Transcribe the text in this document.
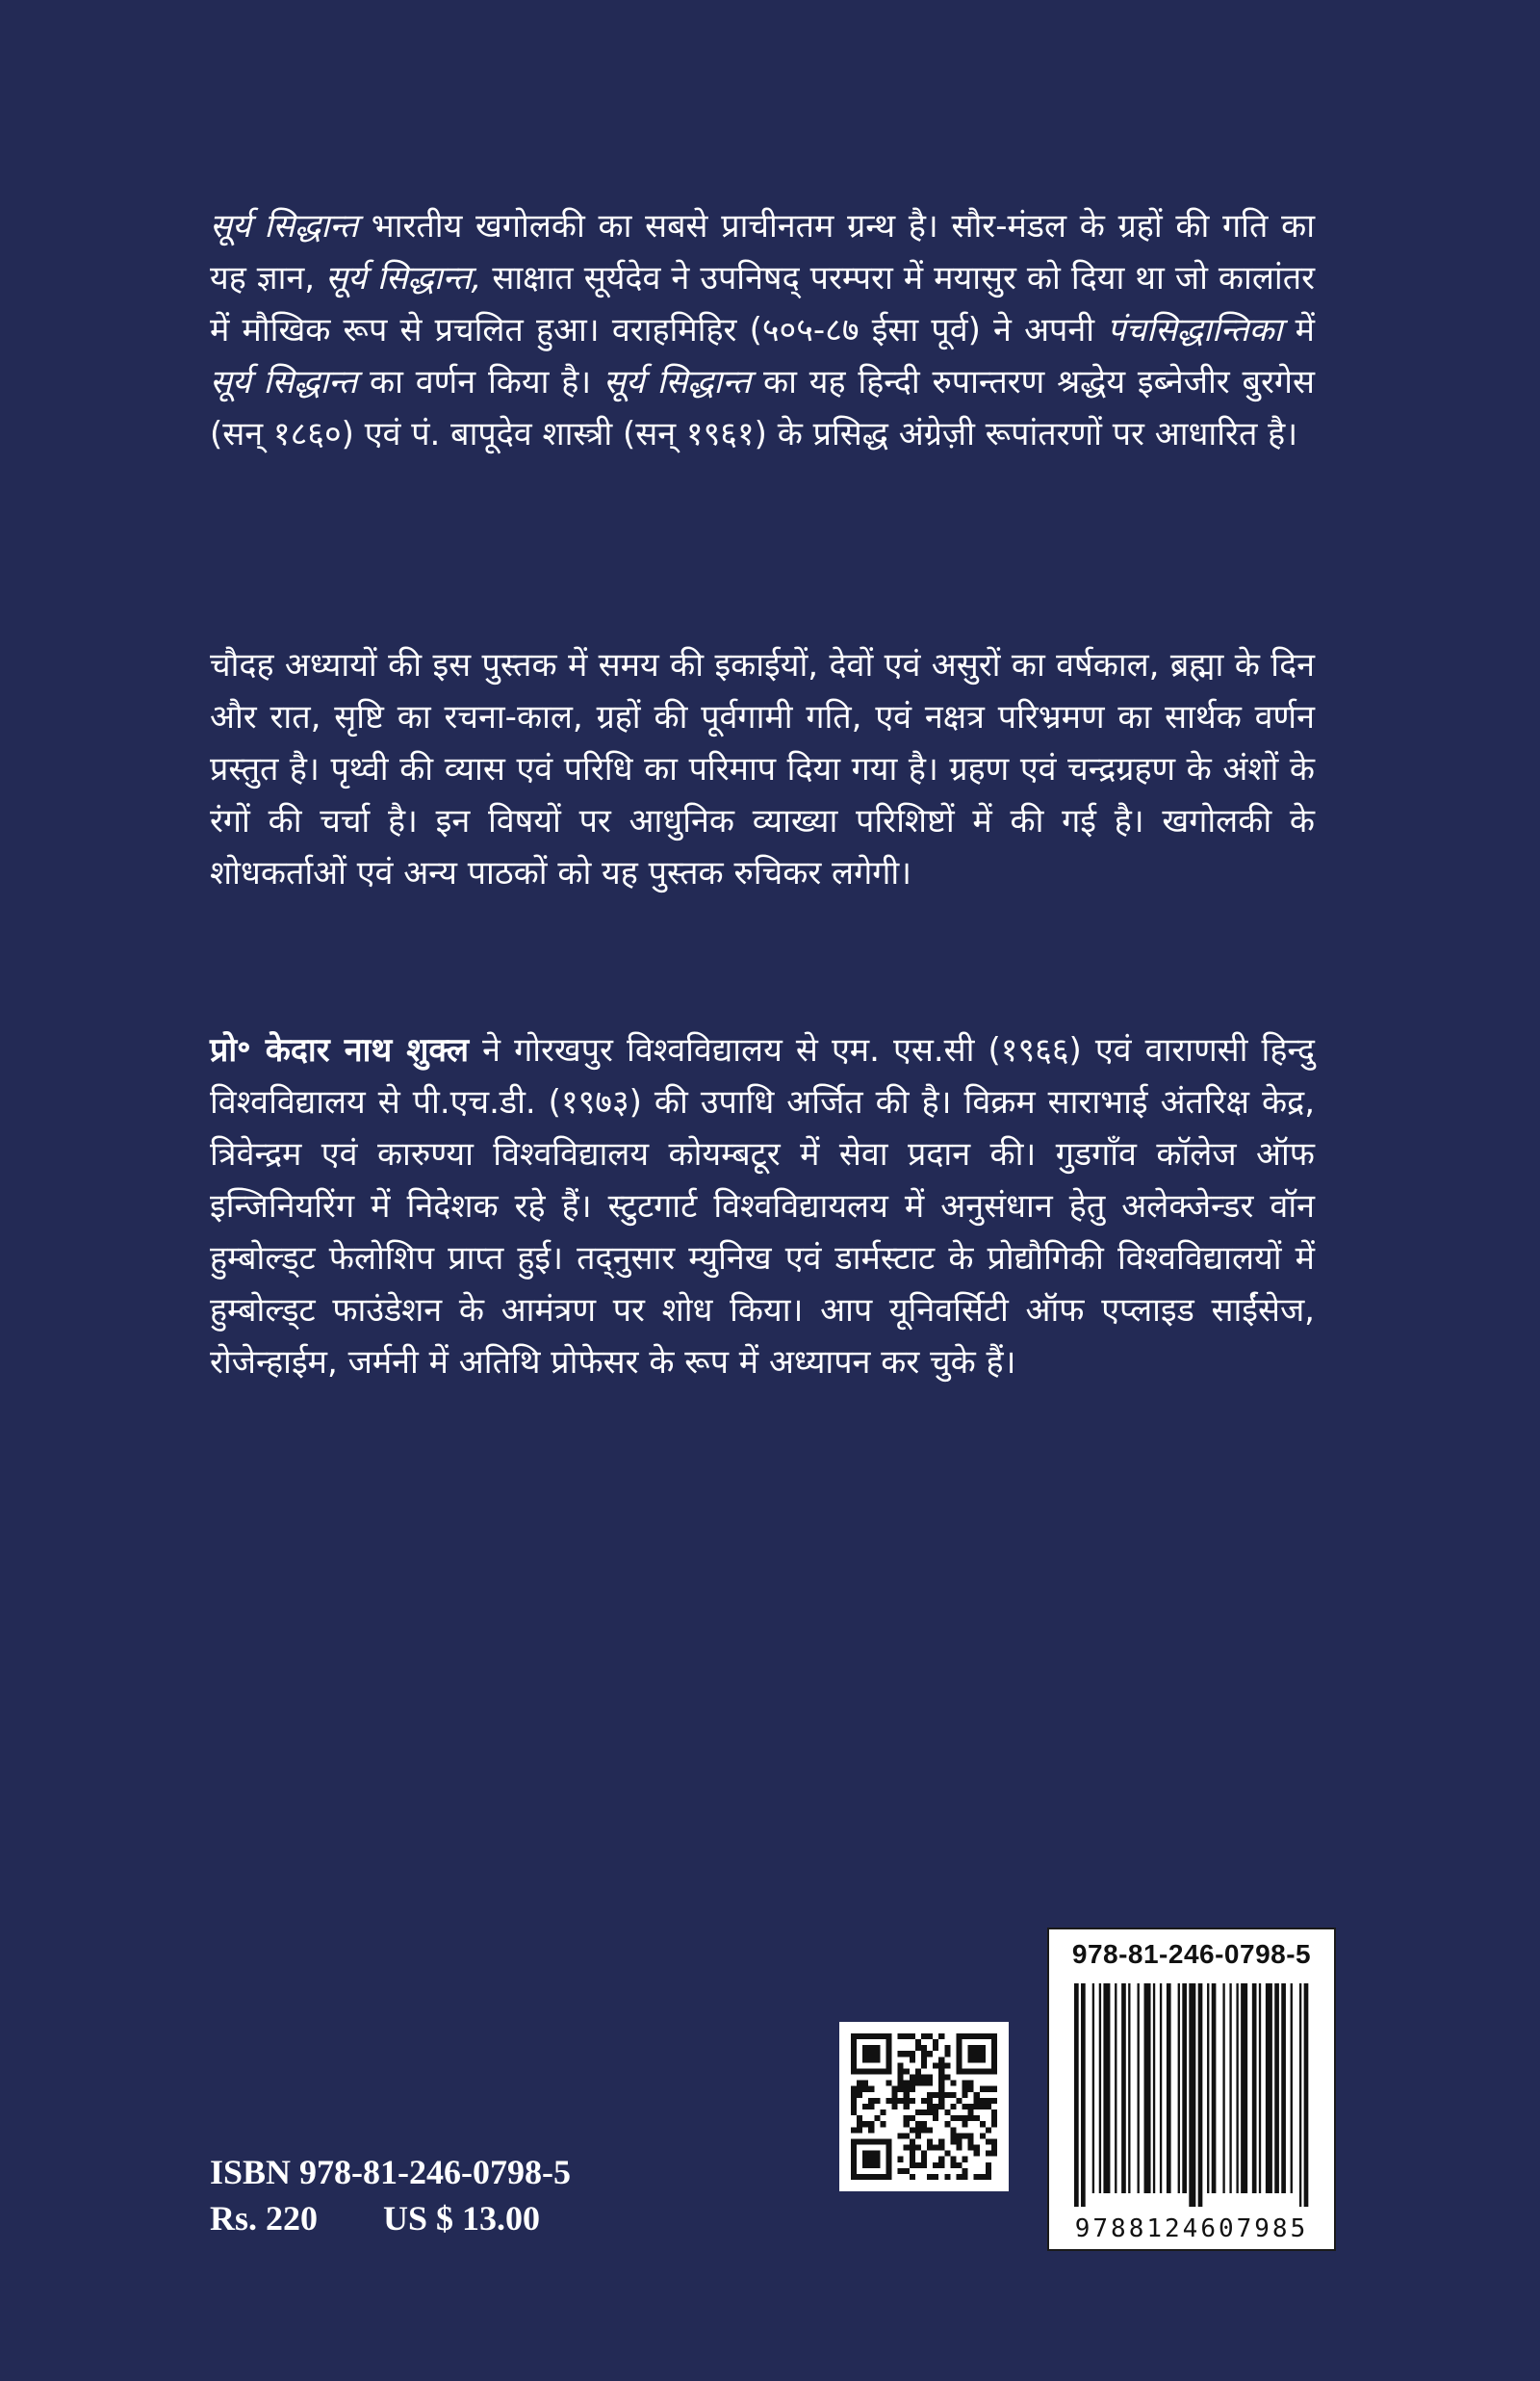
सूर्य सिद्धान्त भारतीय खगोलकी का सबसे प्राचीनतम ग्रन्थ है। सौर-मंडल के ग्रहों की गति का यह ज्ञान, सूर्य सिद्धान्त, साक्षात सूर्यदेव ने उपनिषद् परम्परा में मयासुर को दिया था जो कालांतर में मौखिक रूप से प्रचलित हुआ। वराहमिहिर (५०५-८७ ईसा पूर्व) ने अपनी पंचसिद्धान्तिका में सूर्य सिद्धान्त का वर्णन किया है। सूर्य सिद्धान्त का यह हिन्दी रुपान्तरण श्रद्धेय इब्नेजीर बुरगेस (सन् १८६०) एवं पं. बापूदेव शास्त्री (सन् १९६१) के प्रसिद्ध अंग्रेज़ी रूपांतरणों पर आधारित है।
चौदह अध्यायों की इस पुस्तक में समय की इकाईयों, देवों एवं असुरों का वर्षकाल, ब्रह्मा के दिन और रात, सृष्टि का रचना-काल, ग्रहों की पूर्वगामी गति, एवं नक्षत्र परिभ्रमण का सार्थक वर्णन प्रस्तुत है। पृथ्वी की व्यास एवं परिधि का परिमाप दिया गया है। ग्रहण एवं चन्द्रग्रहण के अंशों के रंगों की चर्चा है। इन विषयों पर आधुनिक व्याख्या परिशिष्टों में की गई है। खगोलकी के शोधकर्ताओं एवं अन्य पाठकों को यह पुस्तक रुचिकर लगेगी।
प्रो॰ केदार नाथ शुक्ल ने गोरखपुर विश्वविद्यालय से एम. एस.सी (१९६६) एवं वाराणसी हिन्दु विश्वविद्यालय से पी.एच.डी. (१९७३) की उपाधि अर्जित की है। विक्रम साराभाई अंतरिक्ष केद्र, त्रिवेन्द्रम एवं कारुण्या विश्वविद्यालय कोयम्बटूर में सेवा प्रदान की। गुडगाँव कॉलेज ऑफ इन्जिनियरिंग में निदेशक रहे हैं। स्टुटगार्ट विश्वविद्यायलय में अनुसंधान हेतु अलेक्जेन्डर वॉन हुम्बोल्ड्ट फेलोशिप प्राप्त हुई। तद्नुसार म्युनिख एवं डार्मस्टाट के प्रोद्यौगिकी विश्वविद्यालयों में हुम्बोल्ड्ट फाउंडेशन के आमंत्रण पर शोध किया। आप यूनिवर्सिटी ऑफ एप्लाइड साईंसेज, रोजेन्हाईम, जर्मनी में अतिथि प्रोफेसर के रूप में अध्यापन कर चुके हैं।
ISBN 978-81-246-0798-5
Rs. 220	US $ 13.00
978-81-246-0798-5
9788124607985
